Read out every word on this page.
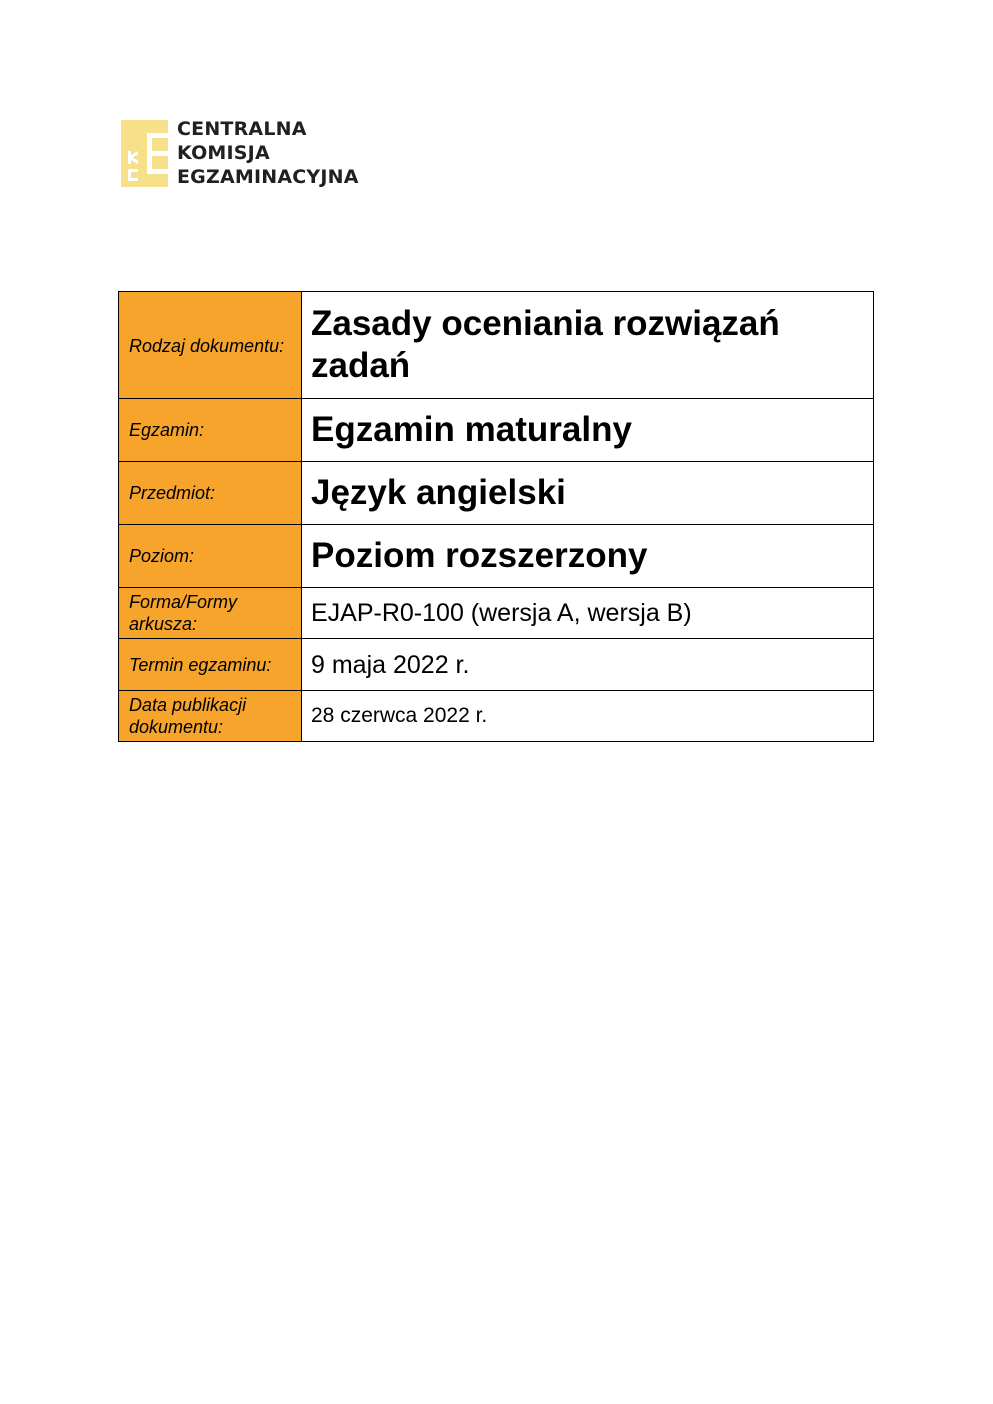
CENTRALNA
KOMISJA
EGZAMINACYJNA
Rodzaj dokumentu:	Zasady oceniania rozwiązań zadań
Egzamin:	Egzamin maturalny
Przedmiot:	Język angielski
Poziom:	Poziom rozszerzony
Forma/Formy arkusza:	EJAP-R0-100 (wersja A, wersja B)
Termin egzaminu:	9 maja 2022 r.
Data publikacji dokumentu:	28 czerwca 2022 r.
